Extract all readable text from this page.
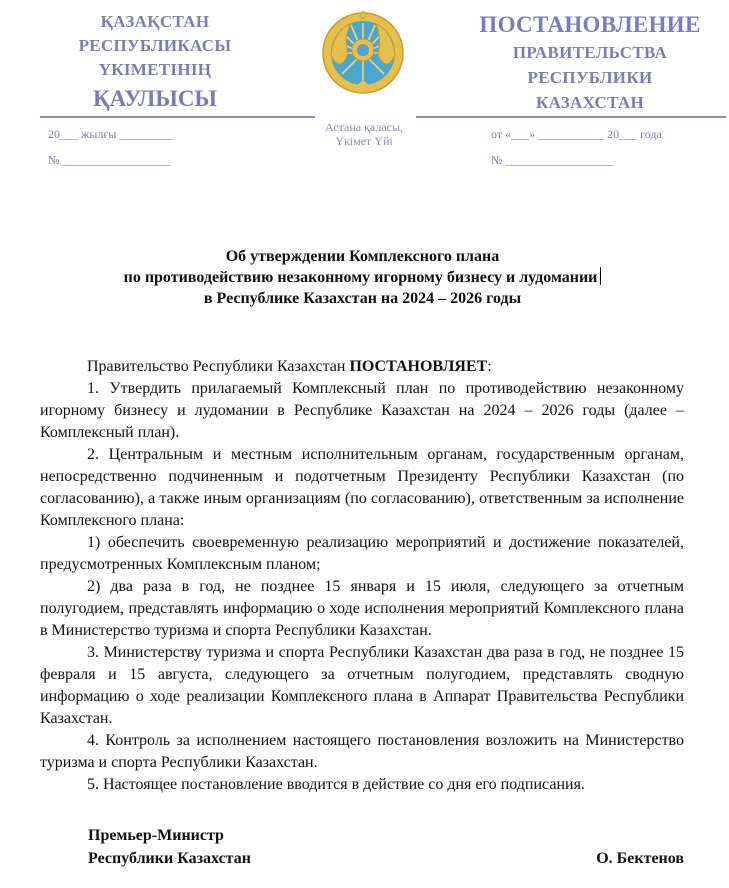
ҚАЗАҚСТАН
РЕСПУБЛИКАСЫ
ҮКІМЕТІНІҢ
ҚАУЛЫСЫ
ПОСТАНОВЛЕНИЕ
ПРАВИТЕЛЬСТВА
РЕСПУБЛИКИ
КАЗАХСТАН
Астана қаласы,
Үкімет Үйі
20___ жылғы _________
№ __________________
от «___» ___________ 20___ года
№ __________________
Об утверждении Комплексного плана
по противодействию незаконному игорному бизнесу и лудомании
в Республике Казахстан на 2024 – 2026 годы

Правительство Республики Казахстан ПОСТАНОВЛЯЕТ:

1. Утвердить прилагаемый Комплексный план по противодействию незаконному игорному бизнесу и лудомании в Республике Казахстан на 2024 – 2026 годы (далее – Комплексный план).

2. Центральным и местным исполнительным органам, государственным органам, непосредственно подчиненным и подотчетным Президенту Республики Казахстан (по согласованию), а также иным организациям (по согласованию), ответственным за исполнение Комплексного плана:

1) обеспечить своевременную реализацию мероприятий и достижение показателей, предусмотренных Комплексным планом;

2) два раза в год, не позднее 15 января и 15 июля, следующего за отчетным полугодием, представлять информацию о ходе исполнения мероприятий Комплексного плана в Министерство туризма и спорта Республики Казахстан.

3. Министерству туризма и спорта Республики Казахстан два раза в год, не позднее 15 февраля и 15 августа, следующего за отчетным полугодием, представлять сводную информацию о ходе реализации Комплексного плана в Аппарат Правительства Республики Казахстан.

4. Контроль за исполнением настоящего постановления возложить на Министерство туризма и спорта Республики Казахстан.

5. Настоящее постановление вводится в действие со дня его подписания.

Премьер-Министр
Республики Казахстан	О. Бектенов
